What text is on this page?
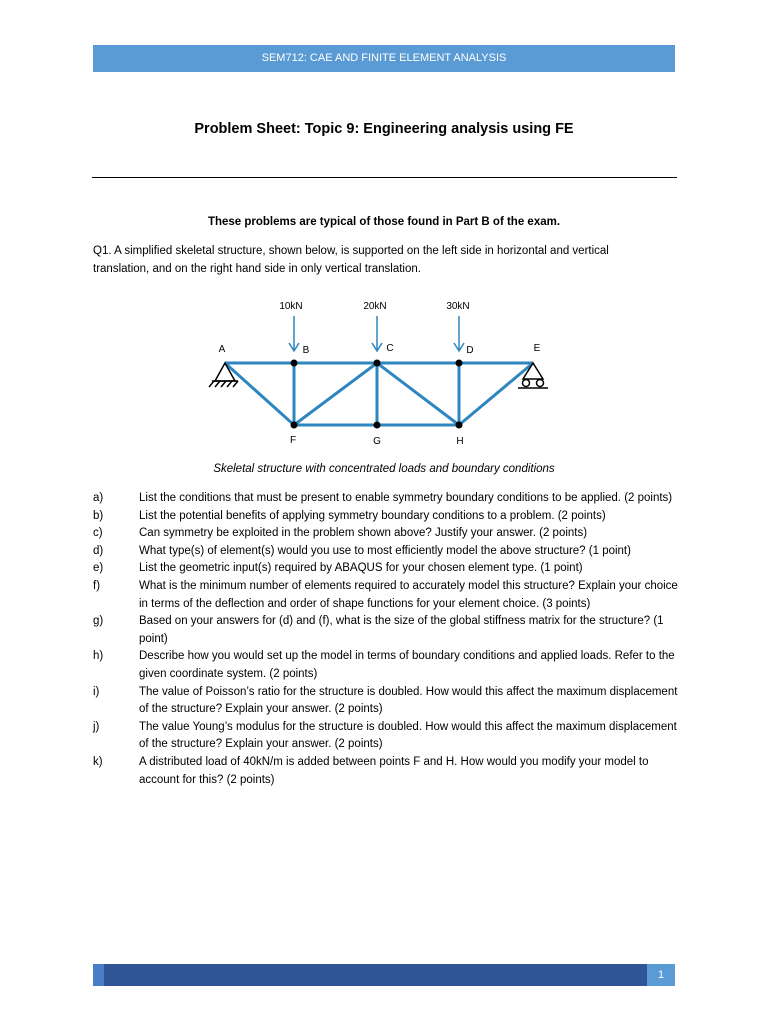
SEM712: CAE AND FINITE ELEMENT ANALYSIS
Problem Sheet: Topic 9: Engineering analysis using FE
These problems are typical of those found in Part B of the exam.

Q1. A simplified skeletal structure, shown below, is supported on the left side in horizontal and vertical translation, and on the right hand side in only vertical translation.

10kN	20kN	30kN
A	B	C	D	E
F	G	H
Skeletal structure with concentrated loads and boundary conditions
a)	List the conditions that must be present to enable symmetry boundary conditions to be applied. (2 points)
b)	List the potential benefits of applying symmetry boundary conditions to a problem. (2 points)
c)	Can symmetry be exploited in the problem shown above? Justify your answer. (2 points)
d)	What type(s) of element(s) would you use to most efficiently model the above structure? (1 point)
e)	List the geometric input(s) required by ABAQUS for your chosen element type. (1 point)
f)	What is the minimum number of elements required to accurately model this structure? Explain your choice in terms of the deflection and order of shape functions for your element choice. (3 points)
g)	Based on your answers for (d) and (f), what is the size of the global stiffness matrix for the structure? (1 point)
h)	Describe how you would set up the model in terms of boundary conditions and applied loads. Refer to the given coordinate system. (2 points)
i)	The value of Poisson’s ratio for the structure is doubled. How would this affect the maximum displacement of the structure? Explain your answer. (2 points)
j)	The value Young’s modulus for the structure is doubled. How would this affect the maximum displacement of the structure? Explain your answer. (2 points)
k)	A distributed load of 40kN/m is added between points F and H. How would you modify your model to account for this? (2 points)
1
